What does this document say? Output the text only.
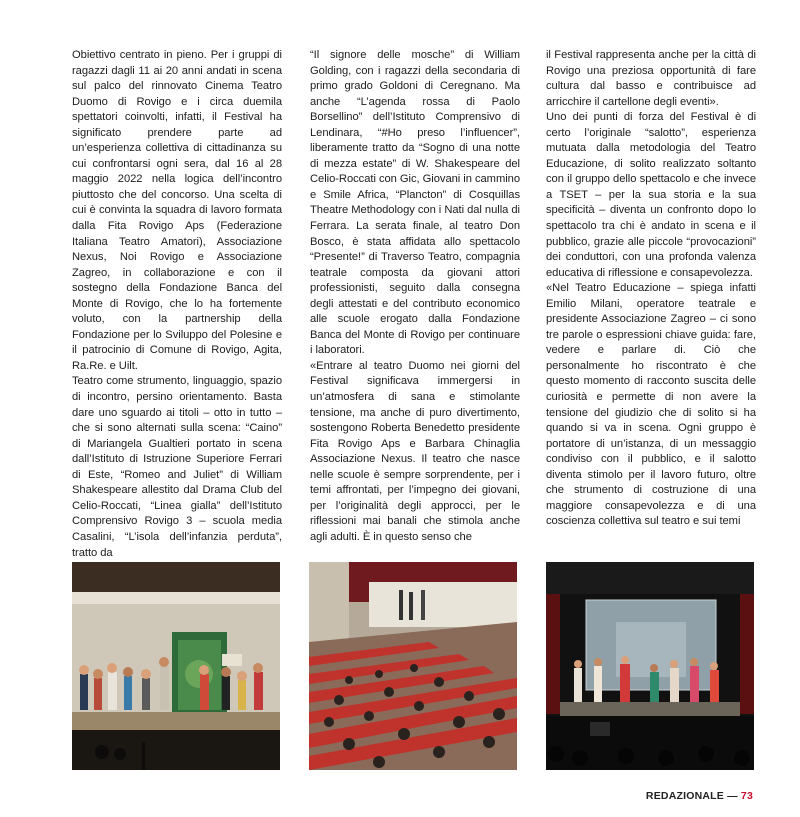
Obiettivo centrato in pieno. Per i gruppi di ragazzi dagli 11 ai 20 anni andati in scena sul palco del rinnovato Cinema Teatro Duomo di Rovigo e i circa duemila spettatori coinvolti, infatti, il Festival ha significato prendere parte ad un’esperienza collettiva di cittadinanza su cui confrontarsi ogni sera, dal 16 al 28 maggio 2022 nella logica dell’incontro piuttosto che del concorso. Una scelta di cui è convinta la squadra di lavoro formata dalla Fita Rovigo Aps (Federazione Italiana Teatro Amatori), Associazione Nexus, Noi Rovigo e Associazione Zagreo, in collaborazione e con il sostegno della Fondazione Banca del Monte di Rovigo, che lo ha fortemente voluto, con la partnership della Fondazione per lo Sviluppo del Polesine e il patrocinio di Comune di Rovigo, Agita, Ra.Re. e Uilt.

Teatro come strumento, linguaggio, spazio di incontro, persino orientamento. Basta dare uno sguardo ai titoli – otto in tutto – che si sono alternati sulla scena: “Caino” di Mariangela Gualtieri portato in scena dall’Istituto di Istruzione Superiore Ferrari di Este, “Romeo and Juliet” di William Shakespeare allestito dal Drama Club del Celio-Roccati, “Linea gialla” dell’Istituto Comprensivo Rovigo 3 – scuola media Casalini, “L’isola dell’infanzia perduta”, tratto da

“Il signore delle mosche” di William Golding, con i ragazzi della secondaria di primo grado Goldoni di Ceregnano. Ma anche “L’agenda rossa di Paolo Borsellino” dell’Istituto Comprensivo di Lendinara, “#Ho preso l’influencer”, liberamente tratto da “Sogno di una notte di mezza estate” di W. Shakespeare del Celio-Roccati con Gic, Giovani in cammino e Smile Africa, “Plancton” di Cosquillas Theatre Methodology con i Nati dal nulla di Ferrara. La serata finale, al teatro Don Bosco, è stata affidata allo spettacolo “Presente!” di Traverso Teatro, compagnia teatrale composta da giovani attori professionisti, seguito dalla consegna degli attestati e del contributo economico alle scuole erogato dalla Fondazione Banca del Monte di Rovigo per continuare i laboratori.

«Entrare al teatro Duomo nei giorni del Festival significava immergersi in un’atmosfera di sana e stimolante tensione, ma anche di puro divertimento, sostengono Roberta Benedetto presidente Fita Rovigo Aps e Barbara Chinaglia Associazione Nexus. Il teatro che nasce nelle scuole è sempre sorprendente, per i temi affrontati, per l’impegno dei giovani, per l’originalità degli approcci, per le riflessioni mai banali che stimola anche agli adulti. È in questo senso che

il Festival rappresenta anche per la città di Rovigo una preziosa opportunità di fare cultura dal basso e contribuisce ad arricchire il cartellone degli eventi».

Uno dei punti di forza del Festival è di certo l’originale “salotto”, esperienza mutuata dalla metodologia del Teatro Educazione, di solito realizzato soltanto con il gruppo dello spettacolo e che invece a TSET – per la sua storia e la sua specificità – diventa un confronto dopo lo spettacolo tra chi è andato in scena e il pubblico, grazie alle piccole “provocazioni” dei conduttori, con una profonda valenza educativa di riflessione e consapevolezza.

«Nel Teatro Educazione – spiega infatti Emilio Milani, operatore teatrale e presidente Associazione Zagreo – ci sono tre parole o espressioni chiave guida: fare, vedere e parlare di. Ciò che personalmente ho riscontrato è che questo momento di racconto suscita delle curiosità e permette di non avere la tensione del giudizio che di solito si ha quando si va in scena. Ogni gruppo è portatore di un’istanza, di un messaggio condiviso con il pubblico, e il salotto diventa stimolo per il lavoro futuro, oltre che strumento di costruzione di una maggiore consapevolezza e di una coscienza collettiva sul teatro e sui temi

REDAZIONALE — 73
